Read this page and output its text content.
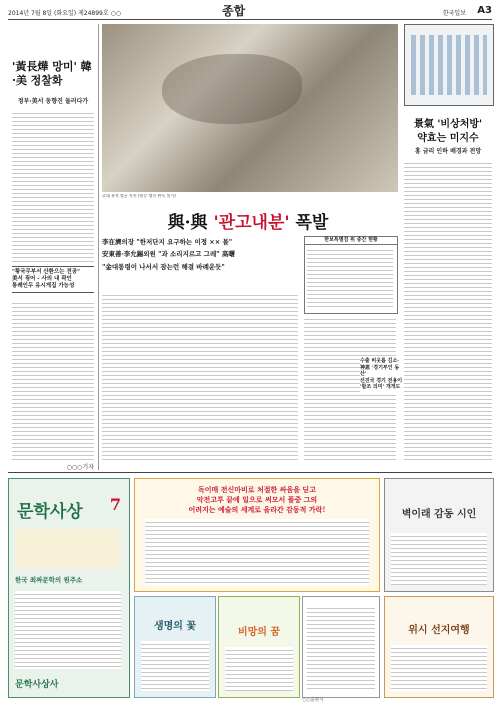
2014년 7월 8일 (화요일) 제24899호 ○○	종합	한국일보 A3
'黃長燁 망미' 韓·美 정찰화
정부·美서 동향진 둘러다가
"황국무부서 산환으는 전공"
美서 굉어 - 사의 내 곽인
통례인두 유시게집 가능성
○○○기자
고대 유적 발굴 사진 (원문 캡션 판독 불가)
景氣 '비상처방'
약효는 미지수
홍 금리 인하 배경과 전망
與·與 '관고내분' 폭발
李在濟의장 "한저단지 요구하는 이정 ×× 몰"
安東善·李允錫외원 "과 소리지르고 그레" 高曙
"金대통령이 나서서 잠는런 해결 바례운듯"
한보특별검 위 중간 현황
수출 비웃롭 김소·
神恩 '경기부인 동산'
선진국 경기 전용이
'할조 의미' 개개도
문학사상 7
한국 최짜문학의 원주소
문학사상사
독이매 전신마비로 처절한 싸움을 딛고
악전고투 끝에 일으로 써모서 풀중 그의
어려지는 예술의 세계로 올라간 감동적 가락!
생명의 꽃
비망의 꿈
벽이래 감동 시인
위시 선지여행
○○출판사
